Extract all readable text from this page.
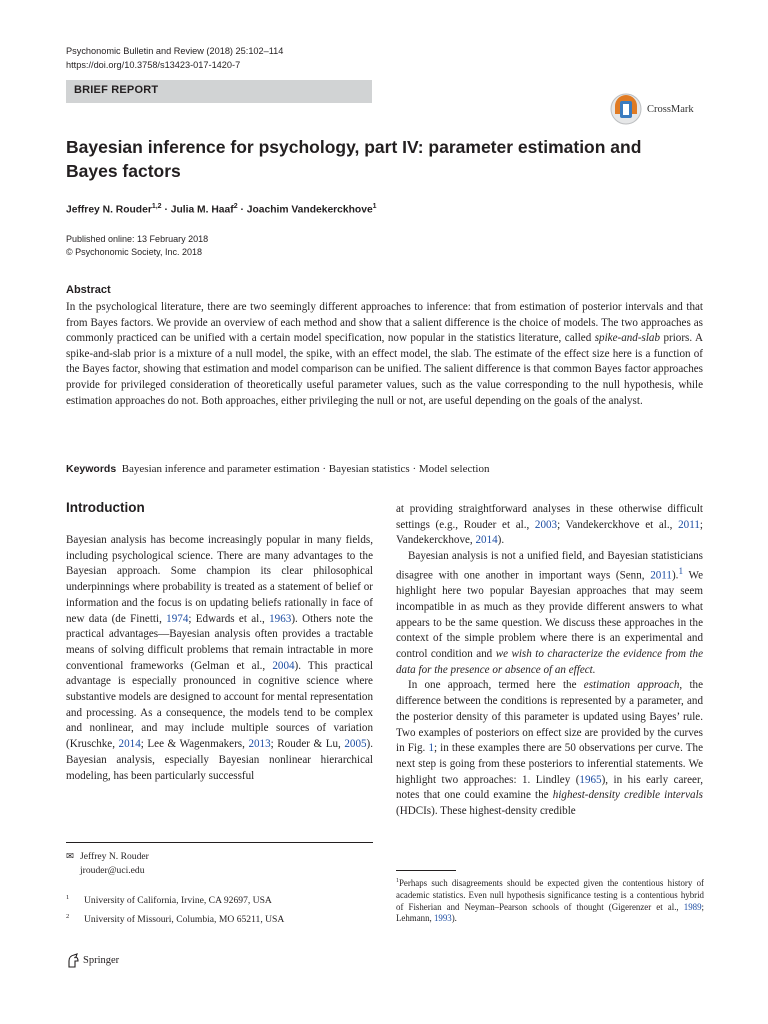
Psychonomic Bulletin and Review (2018) 25:102–114
https://doi.org/10.3758/s13423-017-1420-7
BRIEF REPORT
CrossMark
Bayesian inference for psychology, part IV: parameter estimation and Bayes factors
Jeffrey N. Rouder$^{1,2}$ · Julia M. Haaf$^2$ · Joachim Vandekerckhove$^1$
Published online: 13 February 2018
© Psychonomic Society, Inc. 2018
Abstract

In the psychological literature, there are two seemingly different approaches to inference: that from estimation of posterior intervals and that from Bayes factors. We provide an overview of each method and show that a salient difference is the choice of models. The two approaches as commonly practiced can be unified with a certain model specification, now popular in the statistics literature, called spike-and-slab priors. A spike-and-slab prior is a mixture of a null model, the spike, with an effect model, the slab. The estimate of the effect size here is a function of the Bayes factor, showing that estimation and model comparison can be unified. The salient difference is that common Bayes factor approaches provide for privileged consideration of theoretically useful parameter values, such as the value corresponding to the null hypothesis, while estimation approaches do not. Both approaches, either privileging the null or not, are useful depending on the goals of the analyst.

Keywords Bayesian inference and parameter estimation · Bayesian statistics · Model selection
Introduction

Bayesian analysis has become increasingly popular in many fields, including psychological science. There are many advantages to the Bayesian approach. Some champion its clear philosophical underpinnings where probability is treated as a statement of belief or information and the focus is on updating beliefs rationally in face of new data (de Finetti, 1974; Edwards et al., 1963). Others note the practical advantages—Bayesian analysis often provides a tractable means of solving difficult problems that remain intractable in more conventional frameworks (Gelman et al., 2004). This practical advantage is especially pronounced in cognitive science where substantive models are designed to account for mental representation and processing. As a consequence, the models tend to be complex and nonlinear, and may include multiple sources of variation (Kruschke, 2014; Lee & Wagenmakers, 2013; Rouder & Lu, 2005). Bayesian analysis, especially Bayesian nonlinear hierarchical modeling, has been particularly successful

at providing straightforward analyses in these otherwise difficult settings (e.g., Rouder et al., 2003; Vandekerckhove et al., 2011; Vandekerckhove, 2014).

Bayesian analysis is not a unified field, and Bayesian statisticians disagree with one another in important ways (Senn, 2011).$^1$ We highlight here two popular Bayesian approaches that may seem incompatible in as much as they provide different answers to what appears to be the same question. We discuss these approaches in the context of the simple problem where there is an experimental and control condition and we wish to characterize the evidence from the data for the presence or absence of an effect.

In one approach, termed here the estimation approach, the difference between the conditions is represented by a parameter, and the posterior density of this parameter is updated using Bayes’ rule. Two examples of posteriors on effect size are provided by the curves in Fig. 1; in these examples there are 50 observations per curve. The next step is going from these posteriors to inferential statements. We highlight two approaches: 1. Lindley (1965), in his early career, notes that one could examine the highest-density credible intervals (HDCIs). These highest-density credible

✉ Jeffrey N. Rouder
jrouder@uci.edu
$^1$ University of California, Irvine, CA 92697, USA
$^2$ University of Missouri, Columbia, MO 65211, USA

$^1$Perhaps such disagreements should be expected given the contentious history of academic statistics. Even null hypothesis significance testing is a contentious hybrid of Fisherian and Neyman–Pearson schools of thought (Gigerenzer et al., 1989; Lehmann, 1993).

Springer
